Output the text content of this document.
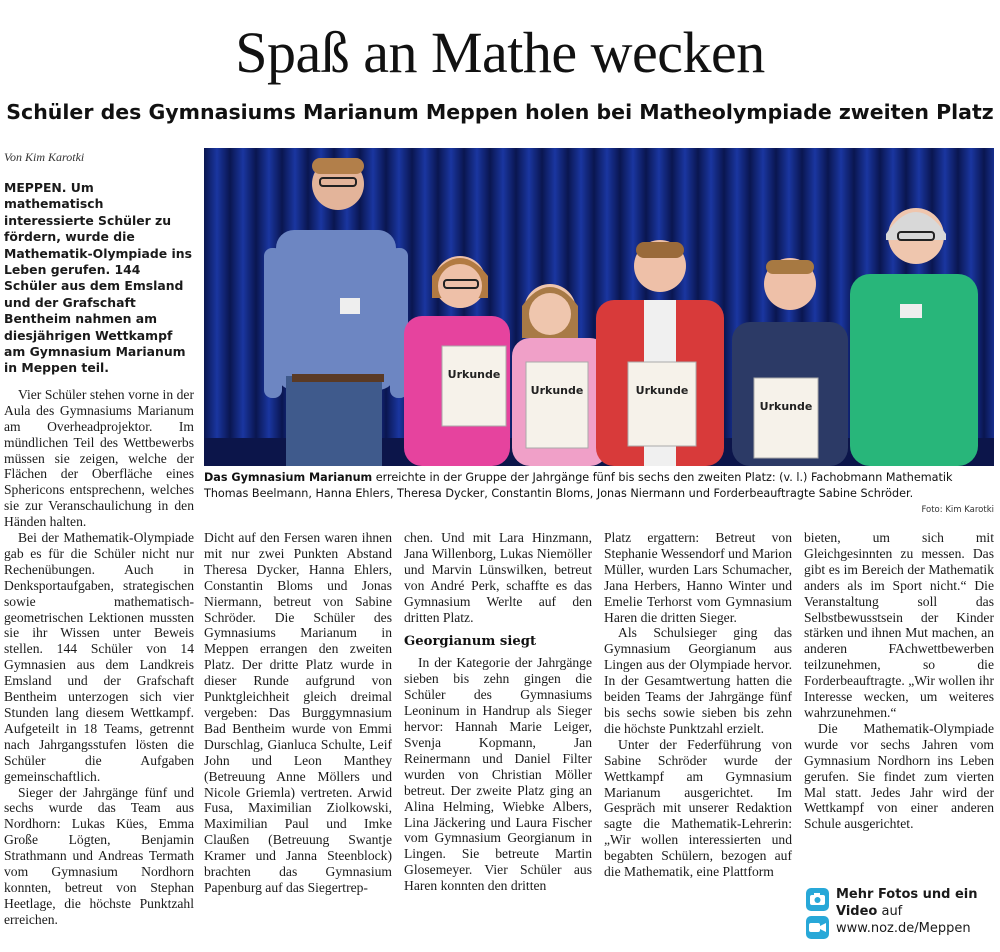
Spaß an Mathe wecken
Schüler des Gymnasiums Marianum Meppen holen bei Matheolympiade zweiten Platz
Von Kim Karotki
Urkunde
Urkunde	Urkunde
Urkunde
Das Gymnasium Marianum erreichte in der Gruppe der Jahrgänge fünf bis sechs den zweiten Platz: (v. l.) Fachobmann Mathematik Thomas Beelmann, Hanna Ehlers, Theresa Dycker, Constantin Bloms, Jonas Niermann und Forderbeauftragte Sabine Schröder.
Foto: Kim Karotki

MEPPEN. Um mathematisch interessierte Schüler zu fördern, wurde die Mathematik-Olympiade ins Leben gerufen. 144 Schüler aus dem Emsland und der Grafschaft Bentheim nahmen am diesjährigen Wettkampf am Gymnasium Marianum in Meppen teil.

Vier Schüler stehen vorne in der Aula des Gymnasiums Marianum am Overheadprojektor. Im mündlichen Teil des Wettbewerbs müssen sie zeigen, welche der Flächen der Oberfläche eines Sphericons entsprechenn, welches sie zur Veranschaulichung in den Händen halten.

Bei der Mathematik-Olympiade gab es für die Schüler nicht nur Rechenübungen. Auch in Denksportaufgaben, strategischen sowie mathematisch-geometrischen Lektionen mussten sie ihr Wissen unter Beweis stellen. 144 Schüler von 14 Gymnasien aus dem Landkreis Emsland und der Grafschaft Bentheim unterzogen sich vier Stunden lang diesem Wettkampf. Aufgeteilt in 18 Teams, getrennt nach Jahrgangsstufen lösten die Schüler die Aufgaben gemeinschaftlich.

Sieger der Jahrgänge fünf und sechs wurde das Team aus Nordhorn: Lukas Kües, Emma Große Lögten, Benjamin Strathmann und Andreas Termath vom Gymnasium Nordhorn konnten, betreut von Stephan Heetlage, die höchste Punktzahl erreichen.

Dicht auf den Fersen waren ihnen mit nur zwei Punkten Abstand Theresa Dycker, Hanna Ehlers, Constantin Bloms und Jonas Niermann, betreut von Sabine Schröder. Die Schüler des Gymnasiums Marianum in Meppen errangen den zweiten Platz. Der dritte Platz wurde in dieser Runde aufgrund von Punktgleichheit gleich dreimal vergeben: Das Burggymnasium Bad Bentheim wurde von Emmi Durschlag, Gianluca Schulte, Leif John und Leon Manthey (Betreuung Anne Möllers und Nicole Griemla) vertreten. Arwid Fusa, Maximilian Ziolkowski, Maximilian Paul und Imke Claußen (Betreuung Swantje Kramer und Janna Steenblock) brachten das Gymnasium Papenburg auf das Siegertrep-

chen. Und mit Lara Hinzmann, Jana Willenborg, Lukas Niemöller und Marvin Lünswilken, betreut von André Perk, schaffte es das Gymnasium Werlte auf den dritten Platz.

Georgianum siegt

In der Kategorie der Jahrgänge sieben bis zehn gingen die Schüler des Gymnasiums Leoninum in Handrup als Sieger hervor: Hannah Marie Leiger, Svenja Kopmann, Jan Reinermann und Daniel Filter wurden von Christian Möller betreut. Der zweite Platz ging an Alina Helming, Wiebke Albers, Lina Jäckering und Laura Fischer vom Gymnasium Georgianum in Lingen. Sie betreute Martin Glosemeyer. Vier Schüler aus Haren konnten den dritten

Platz ergattern: Betreut von Stephanie Wessendorf und Marion Müller, wurden Lars Schumacher, Jana Herbers, Hanno Winter und Emelie Terhorst vom Gymnasium Haren die dritten Sieger.

Als Schulsieger ging das Gymnasium Georgianum aus Lingen aus der Olympiade hervor. In der Gesamtwertung hatten die beiden Teams der Jahrgänge fünf bis sechs sowie sieben bis zehn die höchste Punktzahl erzielt.

Unter der Federführung von Sabine Schröder wurde der Wettkampf am Gymnasium Marianum ausgerichtet. Im Gespräch mit unserer Redaktion sagte die Mathematik-Lehrerin: „Wir wollen interessierten und begabten Schülern, bezogen auf die Mathematik, eine Plattform

bieten, um sich mit Gleichgesinnten zu messen. Das gibt es im Bereich der Mathematik anders als im Sport nicht.“ Die Veranstaltung soll das Selbstbewusstsein der Kinder stärken und ihnen Mut machen, an anderen FAchwettbewerben teilzunehmen, so die Forderbeauftragte. „Wir wollen ihr Interesse wecken, um weiteres wahrzunehmen.“

Die Mathematik-Olympiade wurde vor sechs Jahren vom Gymnasium Nordhorn ins Leben gerufen. Sie findet zum vierten Mal statt. Jedes Jahr wird der Wettkampf von einer anderen Schule ausgerichtet.

Mehr Fotos und ein
Video auf
www.noz.de/Meppen
